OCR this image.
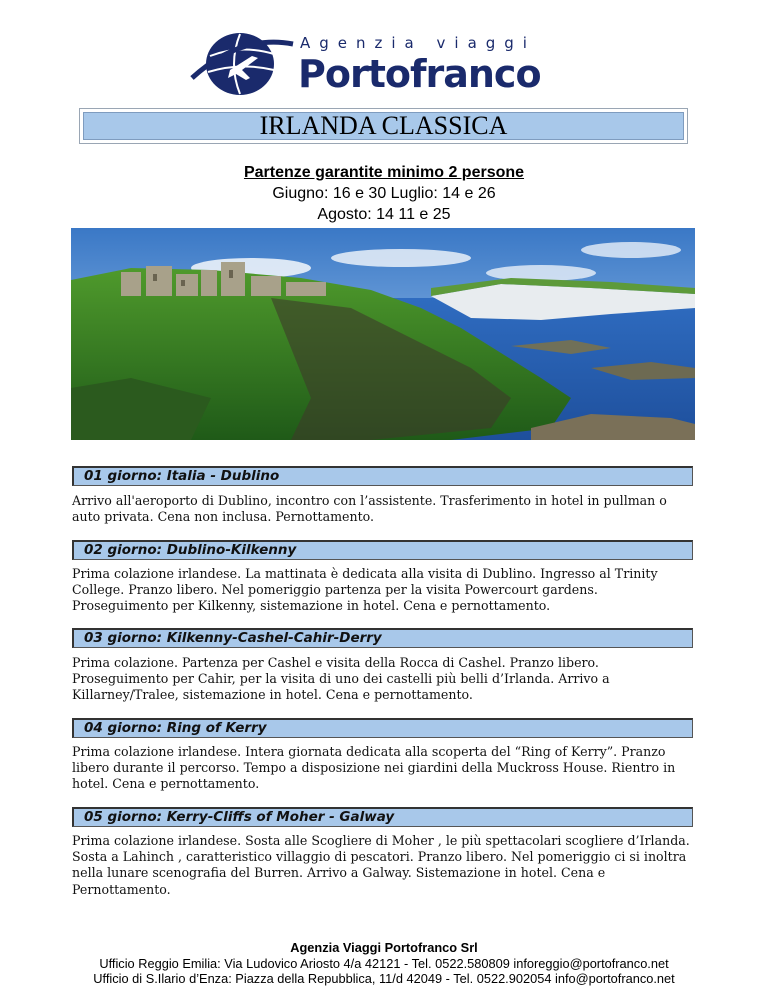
Agenzia viaggi
Portofranco
IRLANDA CLASSICA
Partenze garantite minimo 2 persone
Giugno: 16 e 30 Luglio: 14 e 26
Agosto: 14 11 e 25
01 giorno: Italia - Dublino

Arrivo all'aeroporto di Dublino, incontro con l’assistente. Trasferimento in hotel in pullman o auto privata. Cena non inclusa. Pernottamento.

02 giorno: Dublino-Kilkenny

Prima colazione irlandese. La mattinata è dedicata alla visita di Dublino. Ingresso al Trinity College. Pranzo libero. Nel pomeriggio partenza per la visita Powercourt gardens. Proseguimento per Kilkenny, sistemazione in hotel. Cena e pernottamento.

03 giorno: Kilkenny-Cashel-Cahir-Derry

Prima colazione. Partenza per Cashel e visita della Rocca di Cashel. Pranzo libero. Proseguimento per Cahir, per la visita di uno dei castelli più belli d’Irlanda. Arrivo a Killarney/Tralee, sistemazione in hotel. Cena e pernottamento.

04 giorno: Ring of Kerry

Prima colazione irlandese. Intera giornata dedicata alla scoperta del “Ring of Kerry”. Pranzo libero durante il percorso. Tempo a disposizione nei giardini della Muckross House. Rientro in hotel. Cena e pernottamento.

05 giorno: Kerry-Cliffs of Moher - Galway

Prima colazione irlandese. Sosta alle Scogliere di Moher , le più spettacolari scogliere d’Irlanda. Sosta a Lahinch , caratteristico villaggio di pescatori. Pranzo libero. Nel pomeriggio ci si inoltra nella lunare scenografia del Burren. Arrivo a Galway. Sistemazione in hotel. Cena e Pernottamento.

Agenzia Viaggi Portofranco Srl
Ufficio Reggio Emilia: Via Ludovico Ariosto 4/a 42121 - Tel. 0522.580809 inforeggio@portofranco.net
Ufficio di S.Ilario d’Enza: Piazza della Repubblica, 11/d 42049 - Tel. 0522.902054 info@portofranco.net
